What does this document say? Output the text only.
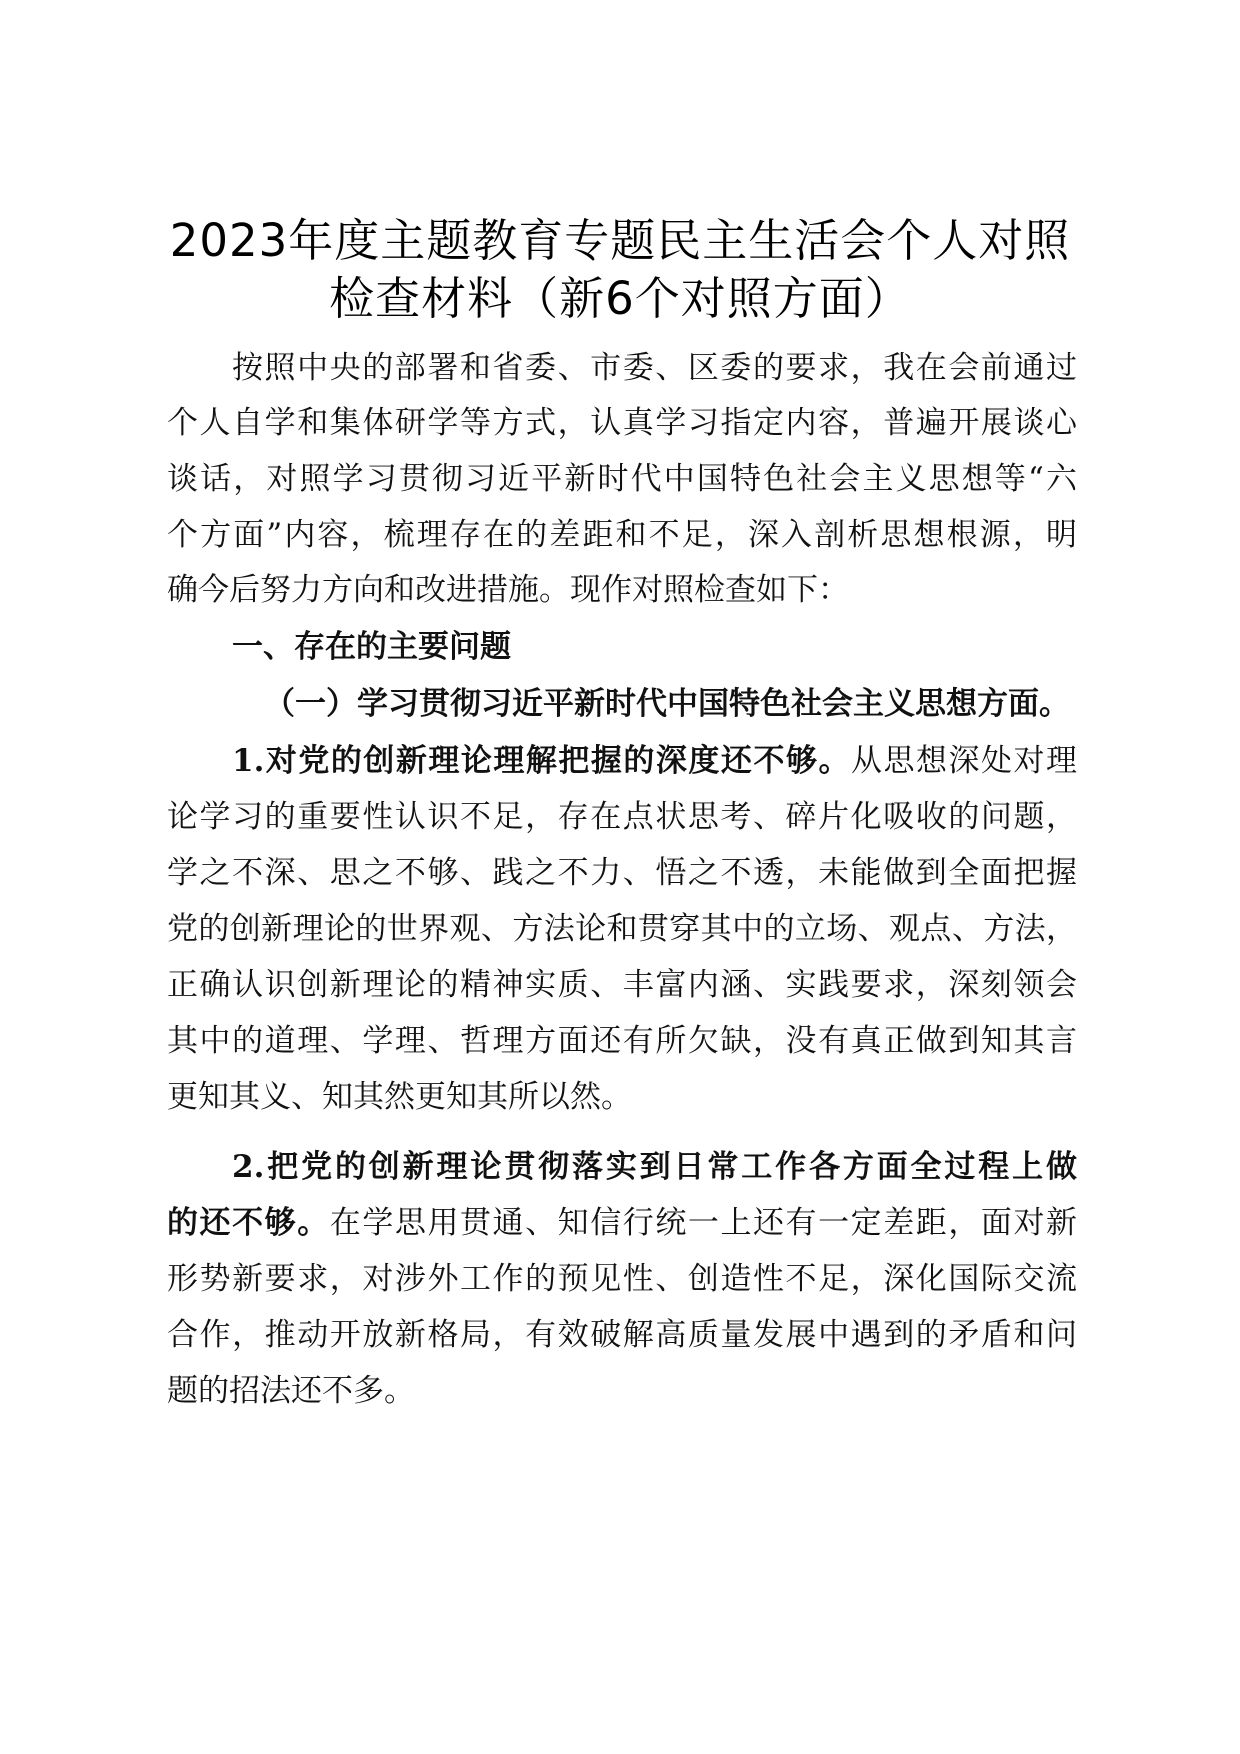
2023年度主题教育专题民主生活会个人对照
检查材料（新6个对照方面）
按照中央的部署和省委、市委、区委的要求，我在会前通过
个人自学和集体研学等方式，认真学习指定内容，普遍开展谈心
谈话，对照学习贯彻习近平新时代中国特色社会主义思想等“六
个方面”内容，梳理存在的差距和不足，深入剖析思想根源，明
确今后努力方向和改进措施。现作对照检查如下：
一、存在的主要问题
（一）学习贯彻习近平新时代中国特色社会主义思想方面。
1.对党的创新理论理解把握的深度还不够。从思想深处对理
论学习的重要性认识不足，存在点状思考、碎片化吸收的问题，
学之不深、思之不够、践之不力、悟之不透，未能做到全面把握
党的创新理论的世界观、方法论和贯穿其中的立场、观点、方法，
正确认识创新理论的精神实质、丰富内涵、实践要求，深刻领会
其中的道理、学理、哲理方面还有所欠缺，没有真正做到知其言
更知其义、知其然更知其所以然。
2.把党的创新理论贯彻落实到日常工作各方面全过程上做
的还不够。在学思用贯通、知信行统一上还有一定差距，面对新
形势新要求，对涉外工作的预见性、创造性不足，深化国际交流
合作，推动开放新格局，有效破解高质量发展中遇到的矛盾和问
题的招法还不多。
